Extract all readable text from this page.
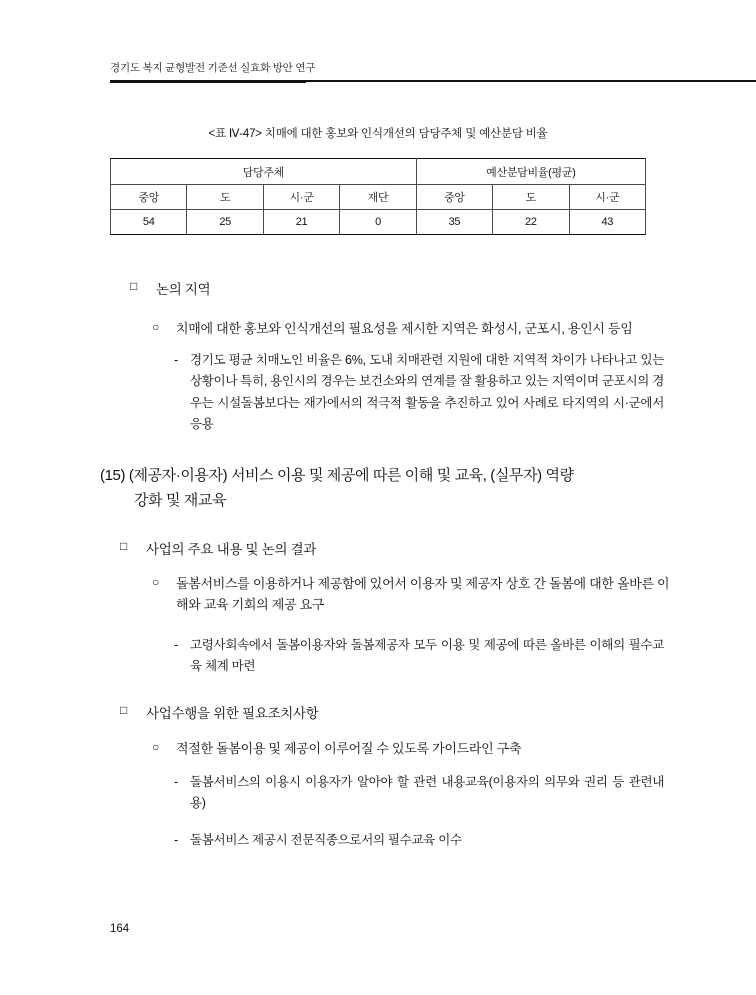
경기도 복지 균형발전 기준선 실효화 방안 연구
<표 Ⅳ-47> 치매에 대한 홍보와 인식개선의 담당주체 및 예산분담 비율
담당주체				예산분담비율(평균)		
중앙	도	시·군	재단	중앙	도	시·군
54	25	21	0	35	22	43
□ 논의 지역
○ 치매에 대한 홍보와 인식개선의 필요성을 제시한 지역은 화성시, 군포시, 용인시 등임
- 경기도 평균 치매노인 비율은 6%, 도내 치매관련 지원에 대한 지역적 차이가 나타나고 있는 상황이나 특히, 용인시의 경우는 보건소와의 연계를 잘 활용하고 있는 지역이며 군포시의 경우는 시설돌봄보다는 재가에서의 적극적 활동을 추진하고 있어 사례로 타지역의 시·군에서 응용
(15) (제공자·이용자) 서비스 이용 및 제공에 따른 이해 및 교육, (실무자) 역량
강화 및 재교육
□ 사업의 주요 내용 및 논의 결과
○ 돌봄서비스를 이용하거나 제공함에 있어서 이용자 및 제공자 상호 간 돌봄에 대한 올바른 이해와 교육 기회의 제공 요구
- 고령사회속에서 돌봄이용자와 돌봄제공자 모두 이용 및 제공에 따른 올바른 이해의 필수교육 체계 마련
□ 사업수행을 위한 필요조치사항
○ 적절한 돌봄이용 및 제공이 이루어질 수 있도록 가이드라인 구축
- 돌봄서비스의 이용시 이용자가 알아야 할 관련 내용교육(이용자의 의무와 권리 등 관련내용)
- 돌봄서비스 제공시 전문직종으로서의 필수교육 이수
164
